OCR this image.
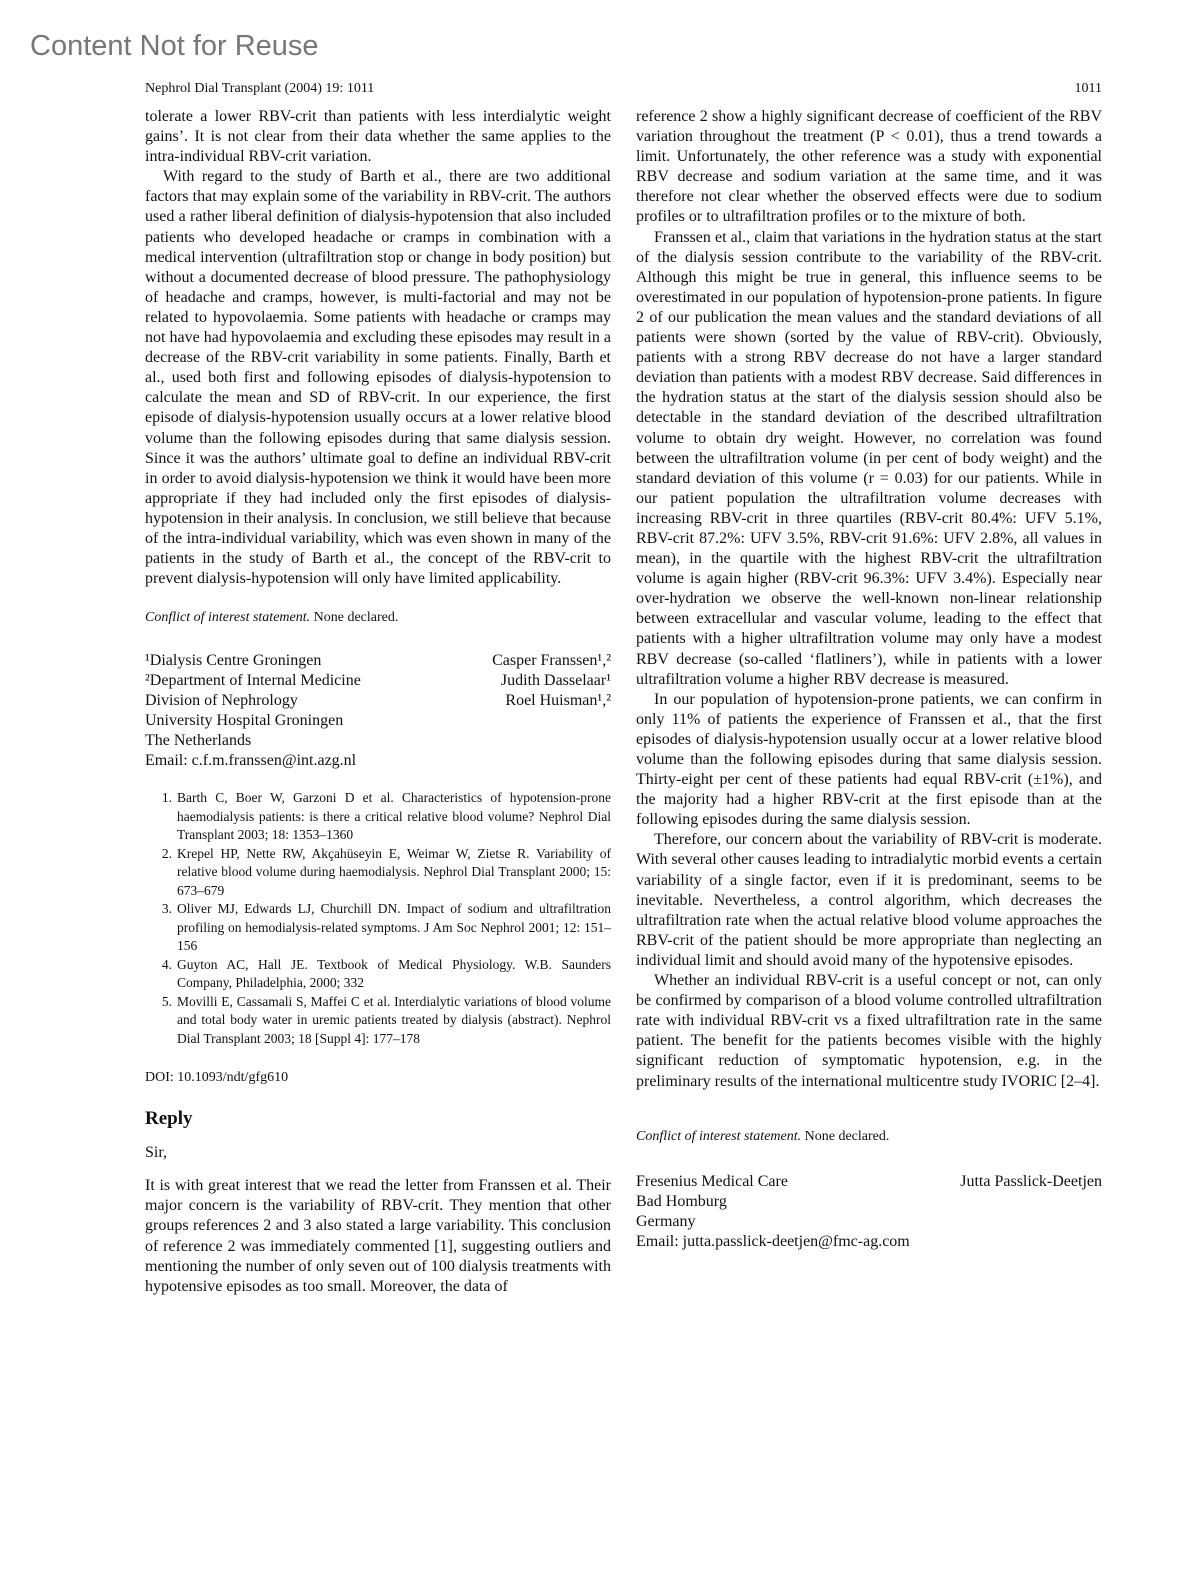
Content Not for Reuse
Nephrol Dial Transplant (2004) 19: 1011	1011

tolerate a lower RBV-crit than patients with less interdialytic weight gains’. It is not clear from their data whether the same applies to the intra-individual RBV-crit variation.

With regard to the study of Barth et al., there are two additional factors that may explain some of the variability in RBV-crit. The authors used a rather liberal definition of dialysis-hypotension that also included patients who developed headache or cramps in combination with a medical intervention (ultrafiltration stop or change in body position) but without a documented decrease of blood pressure. The pathophysiology of headache and cramps, however, is multi-factorial and may not be related to hypovolaemia. Some patients with headache or cramps may not have had hypovolaemia and excluding these episodes may result in a decrease of the RBV-crit variability in some patients. Finally, Barth et al., used both first and following episodes of dialysis-hypotension to calculate the mean and SD of RBV-crit. In our experience, the first episode of dialysis-hypotension usually occurs at a lower relative blood volume than the following episodes during that same dialysis session. Since it was the authors’ ultimate goal to define an individual RBV-crit in order to avoid dialysis-hypotension we think it would have been more appropriate if they had included only the first episodes of dialysis-hypotension in their analysis. In conclusion, we still believe that because of the intra-individual variability, which was even shown in many of the patients in the study of Barth et al., the concept of the RBV-crit to prevent dialysis-hypotension will only have limited applicability.

Conflict of interest statement. None declared.
¹Dialysis Centre Groningen
²Department of Internal Medicine
Division of Nephrology
University Hospital Groningen
The Netherlands
Email: c.f.m.franssen@int.azg.nl
Casper Franssen¹,²
Judith Dasselaar¹
Roel Huisman¹,²
1. Barth C, Boer W, Garzoni D et al. Characteristics of hypotension-prone haemodialysis patients: is there a critical relative blood volume? Nephrol Dial Transplant 2003; 18: 1353–1360
2. Krepel HP, Nette RW, Akçahüseyin E, Weimar W, Zietse R. Variability of relative blood volume during haemodialysis. Nephrol Dial Transplant 2000; 15: 673–679
3. Oliver MJ, Edwards LJ, Churchill DN. Impact of sodium and ultrafiltration profiling on hemodialysis-related symptoms. J Am Soc Nephrol 2001; 12: 151–156
4. Guyton AC, Hall JE. Textbook of Medical Physiology. W.B. Saunders Company, Philadelphia, 2000; 332
5. Movilli E, Cassamali S, Maffei C et al. Interdialytic variations of blood volume and total body water in uremic patients treated by dialysis (abstract). Nephrol Dial Transplant 2003; 18 [Suppl 4]: 177–178
DOI: 10.1093/ndt/gfg610
Reply
Sir,

It is with great interest that we read the letter from Franssen et al. Their major concern is the variability of RBV-crit. They mention that other groups references 2 and 3 also stated a large variability. This conclusion of reference 2 was immediately commented [1], suggesting outliers and mentioning the number of only seven out of 100 dialysis treatments with hypotensive episodes as too small. Moreover, the data of

reference 2 show a highly significant decrease of coefficient of the RBV variation throughout the treatment (P < 0.01), thus a trend towards a limit. Unfortunately, the other reference was a study with exponential RBV decrease and sodium variation at the same time, and it was therefore not clear whether the observed effects were due to sodium profiles or to ultrafiltration profiles or to the mixture of both.

Franssen et al., claim that variations in the hydration status at the start of the dialysis session contribute to the variability of the RBV-crit. Although this might be true in general, this influence seems to be overestimated in our population of hypotension-prone patients. In figure 2 of our publication the mean values and the standard deviations of all patients were shown (sorted by the value of RBV-crit). Obviously, patients with a strong RBV decrease do not have a larger standard deviation than patients with a modest RBV decrease. Said differences in the hydration status at the start of the dialysis session should also be detectable in the standard deviation of the described ultrafiltration volume to obtain dry weight. However, no correlation was found between the ultrafiltration volume (in per cent of body weight) and the standard deviation of this volume (r = 0.03) for our patients. While in our patient population the ultrafiltration volume decreases with increasing RBV-crit in three quartiles (RBV-crit 80.4%: UFV 5.1%, RBV-crit 87.2%: UFV 3.5%, RBV-crit 91.6%: UFV 2.8%, all values in mean), in the quartile with the highest RBV-crit the ultrafiltration volume is again higher (RBV-crit 96.3%: UFV 3.4%). Especially near over-hydration we observe the well-known non-linear relationship between extracellular and vascular volume, leading to the effect that patients with a higher ultrafiltration volume may only have a modest RBV decrease (so-called ‘flatliners’), while in patients with a lower ultrafiltration volume a higher RBV decrease is measured.

In our population of hypotension-prone patients, we can confirm in only 11% of patients the experience of Franssen et al., that the first episodes of dialysis-hypotension usually occur at a lower relative blood volume than the following episodes during that same dialysis session. Thirty-eight per cent of these patients had equal RBV-crit (±1%), and the majority had a higher RBV-crit at the first episode than at the following episodes during the same dialysis session.

Therefore, our concern about the variability of RBV-crit is moderate. With several other causes leading to intradialytic morbid events a certain variability of a single factor, even if it is predominant, seems to be inevitable. Nevertheless, a control algorithm, which decreases the ultrafiltration rate when the actual relative blood volume approaches the RBV-crit of the patient should be more appropriate than neglecting an individual limit and should avoid many of the hypotensive episodes.

Whether an individual RBV-crit is a useful concept or not, can only be confirmed by comparison of a blood volume controlled ultrafiltration rate with individual RBV-crit vs a fixed ultrafiltration rate in the same patient. The benefit for the patients becomes visible with the highly significant reduction of symptomatic hypotension, e.g. in the preliminary results of the international multicentre study IVORIC [2–4].

Conflict of interest statement. None declared.
Fresenius Medical Care
Bad Homburg
Germany
Email: jutta.passlick-deetjen@fmc-ag.com
Jutta Passlick-Deetjen
